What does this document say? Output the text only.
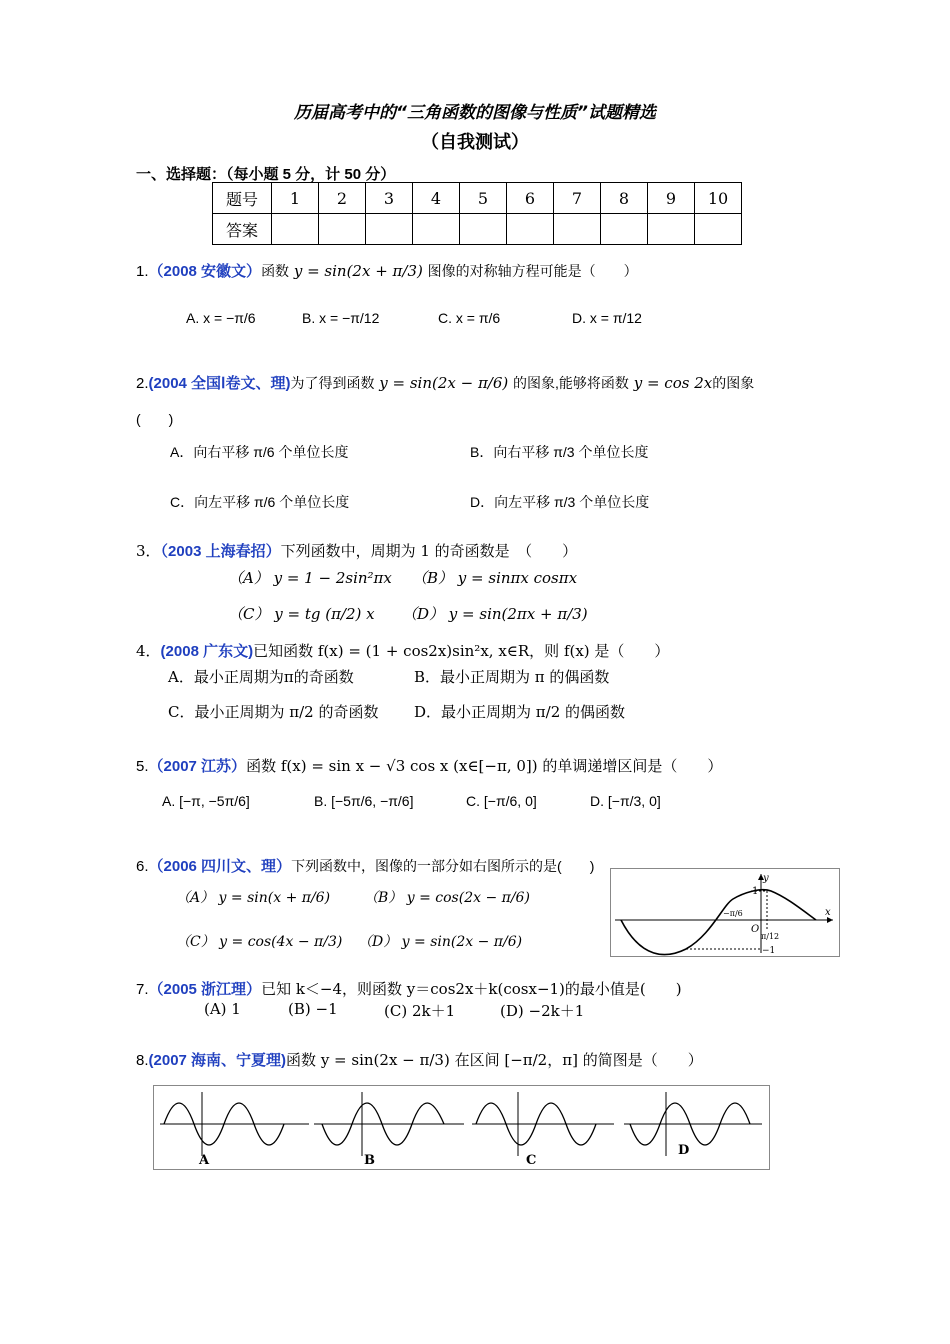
历届高考中的“三角函数的图像与性质”试题精选
（自我测试）
一、选择题：（每小题 5 分，计 50 分）
题号	1	2	3	4	5	6	7	8	9	10
答案										
1.（2008 安徽文）函数 y = sin(2x + π/3) 图像的对称轴方程可能是（　　）
A. x = −π/6	B. x = −π/12	C. x = π/6	D. x = π/12
2.(2004 全国Ⅰ卷文、理)为了得到函数 y = sin(2x − π/6) 的图象,能够将函数 y = cos 2x的图象
(　　)
A．向右平移 π/6 个单位长度	B．向右平移 π/3 个单位长度
C．向左平移 π/6 个单位长度	D．向左平移 π/3 个单位长度
3．（2003 上海春招）下列函数中，周期为 1 的奇函数是　（　　）
（A） y = 1 − 2sin²πx （B） y = sinπx cosπx
（C） y = tg (π/2) x （D） y = sin(2πx + π/3)
4．(2008 广东文)已知函数 f(x) = (1 + cos2x)sin²x, x∈R，则 f(x) 是（　　）
A．最小正周期为π的奇函数	B．最小正周期为 π 的偶函数
C．最小正周期为 π/2 的奇函数 D．最小正周期为 π/2 的偶函数
5.（2007 江苏）函数 f(x) = sin x − √3 cos x (x∈[−π, 0]) 的单调递增区间是（　　）
A. [−π, −5π/6]	B. [−5π/6, −π/6]	C. [−π/6, 0]	D. [−π/3, 0]
6.（2006 四川文、理）下列函数中，图像的一部分如右图所示的是(　　)
（A） y = sin(x + π/6) （B） y = cos(2x − π/6)
（C） y = cos(4x − π/3) （D） y = sin(2x − π/6)
y
x
1
−1
O
−π/6
π/12
7.（2005 浙江理）已知 k＜−4，则函数 y＝cos2x＋k(cosx−1)的最小值是(　　)
(A) 1	(B) −1	(C) 2k＋1	(D) −2k＋1
8.(2007 海南、宁夏理)函数 y = sin(2x − π/3) 在区间 [−π/2，π] 的简图是（　　）
A	B	C
D
